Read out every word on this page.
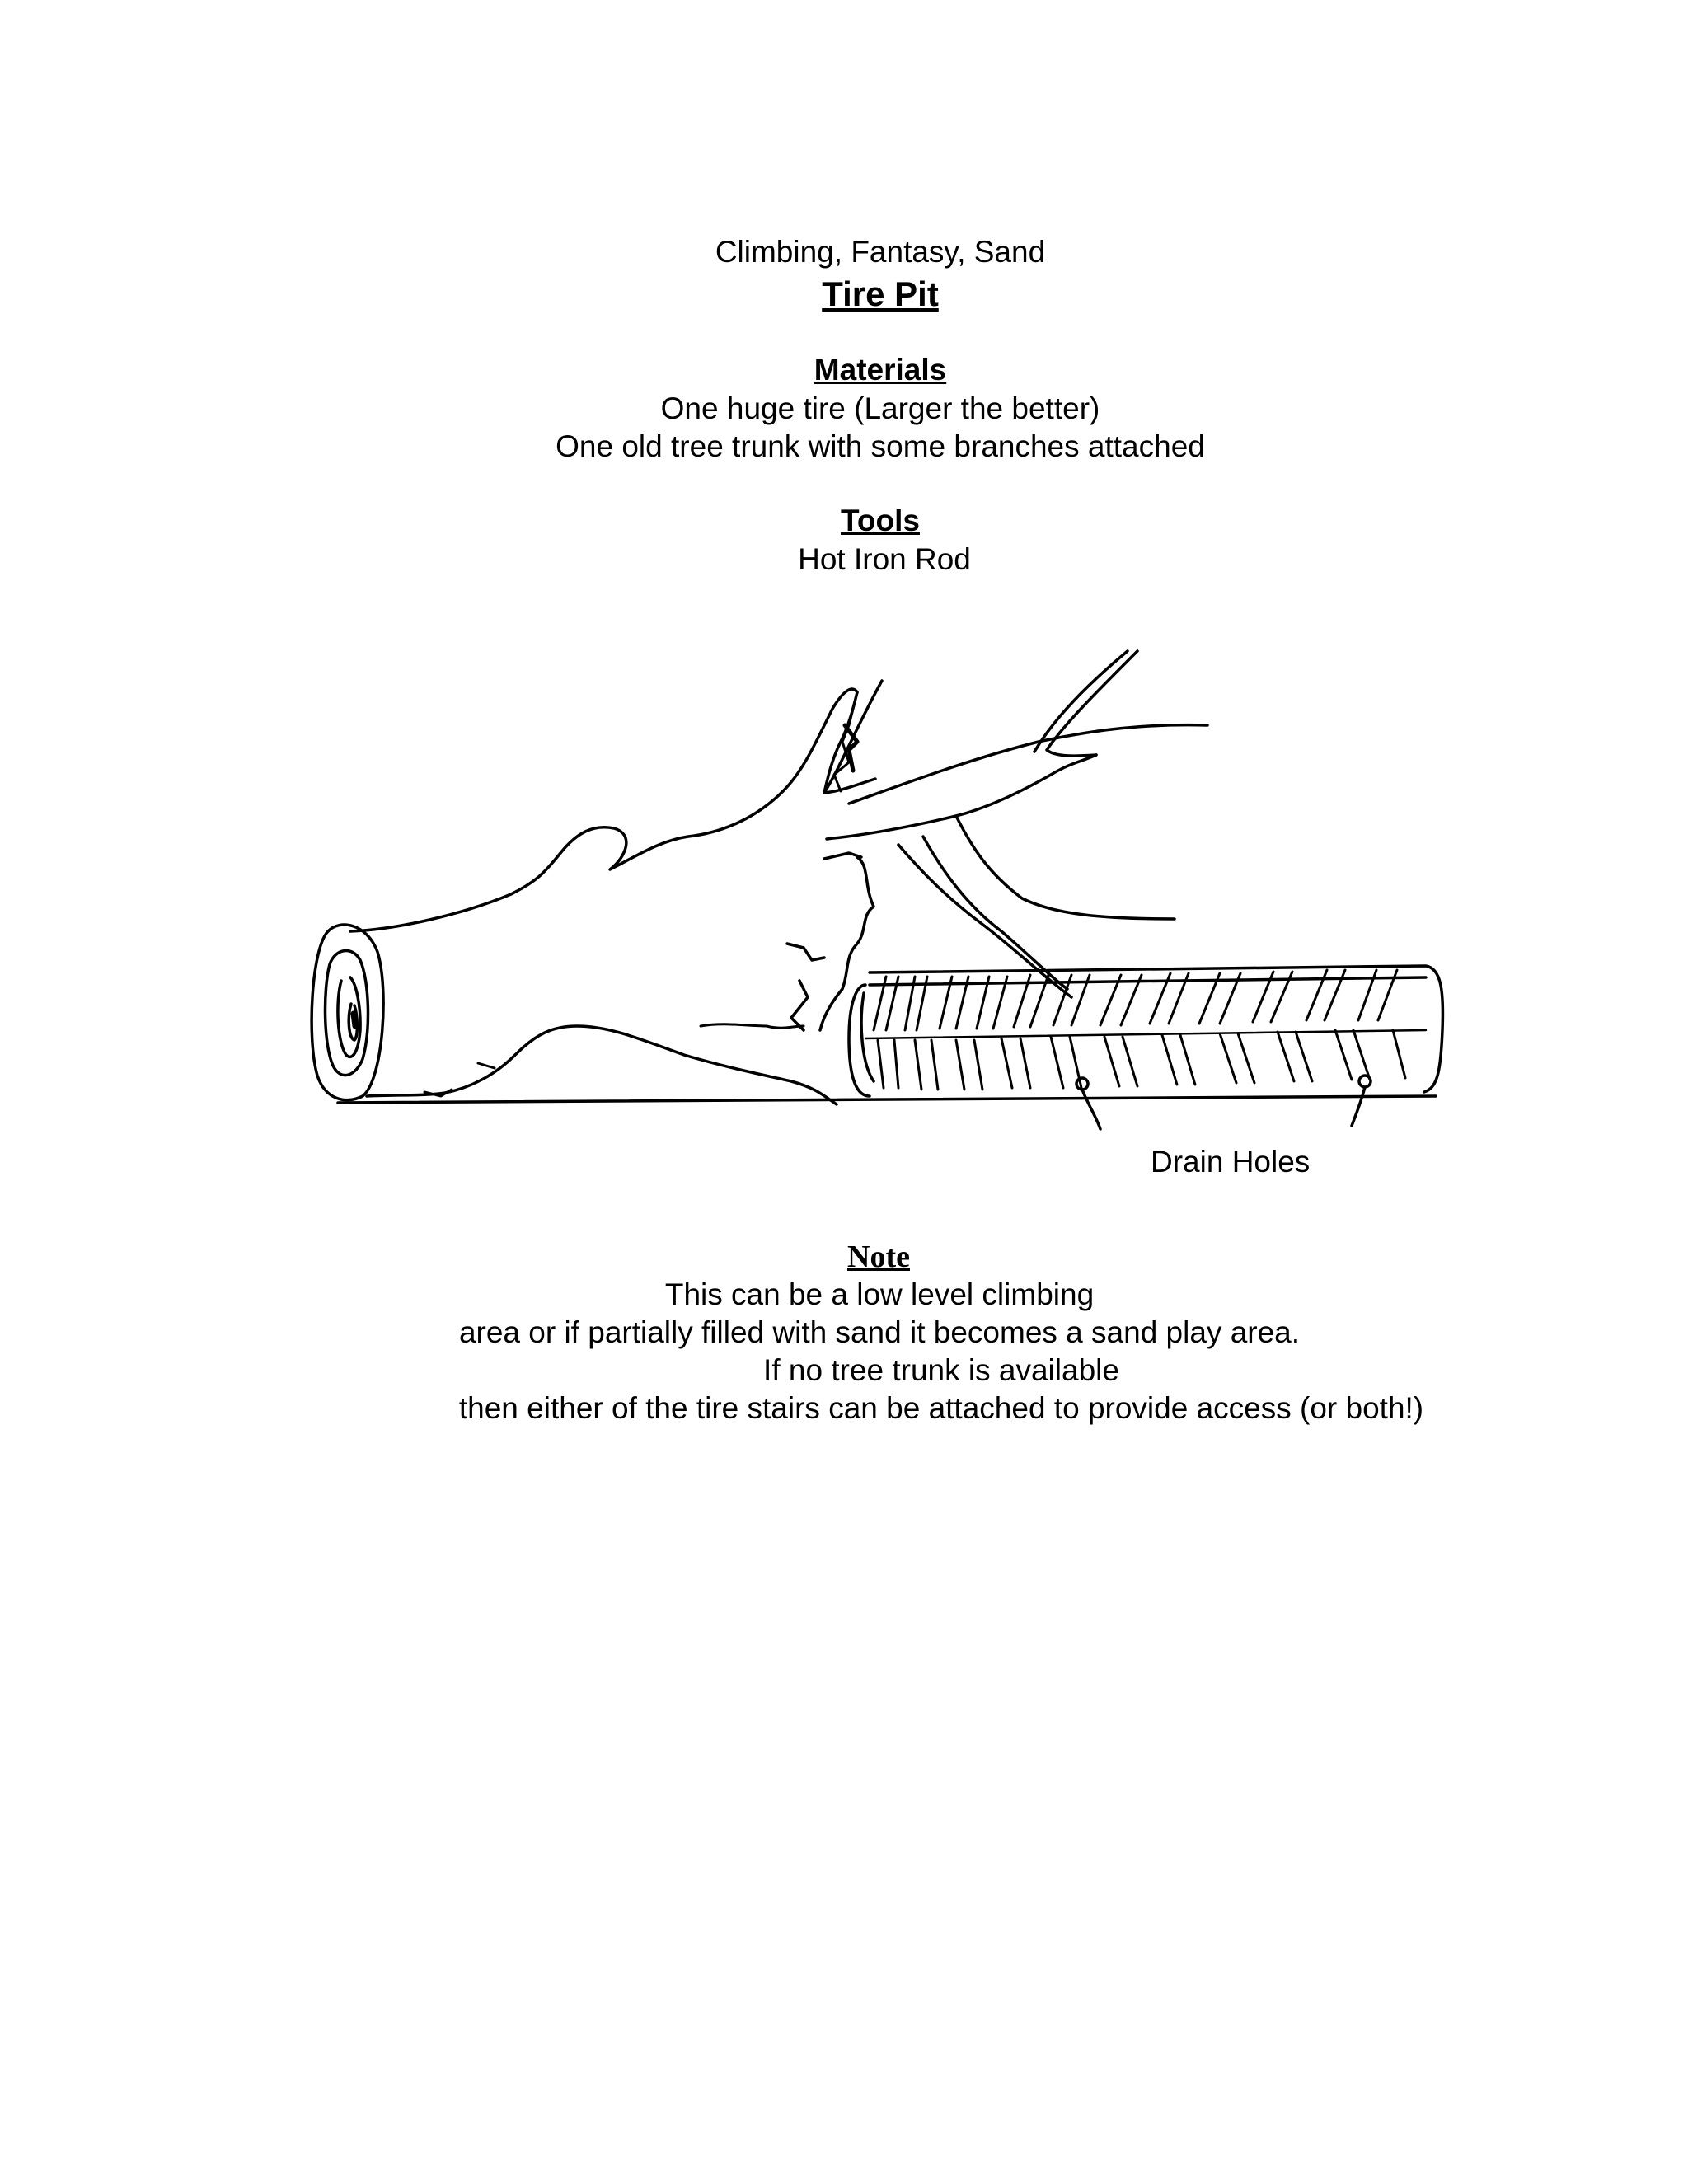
Climbing, Fantasy, Sand
Tire Pit
Materials
One huge tire (Larger the better)
One old tree trunk with some branches attached
Tools
Hot Iron Rod
Drain Holes
Note
This can be a low level climbing
area or if partially filled with sand it becomes a sand play area.
If no tree trunk is available
then either of the tire stairs can be attached to provide access (or both!)
